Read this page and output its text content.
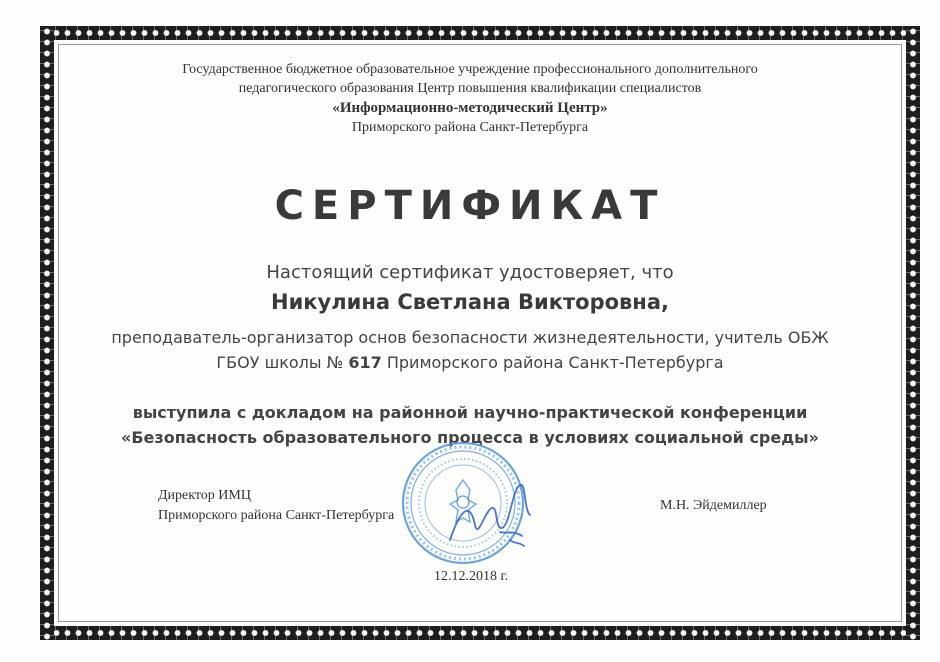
Государственное бюджетное образовательное учреждение профессионального дополнительного
педагогического образования Центр повышения квалификации специалистов
«Информационно-методический Центр»
Приморского района Санкт-Петербурга
СЕРТИФИКАТ
Настоящий сертификат удостоверяет, что
Никулина Светлана Викторовна,
преподаватель-организатор основ безопасности жизнедеятельности, учитель ОБЖ
ГБОУ школы № 617 Приморского района Санкт-Петербурга
выступила с докладом на районной научно-практической конференции
«Безопасность образовательного процесса в условиях социальной среды»
Директор ИМЦ
Приморского района Санкт-Петербурга
М.Н. Эйдемиллер
12.12.2018 г.
